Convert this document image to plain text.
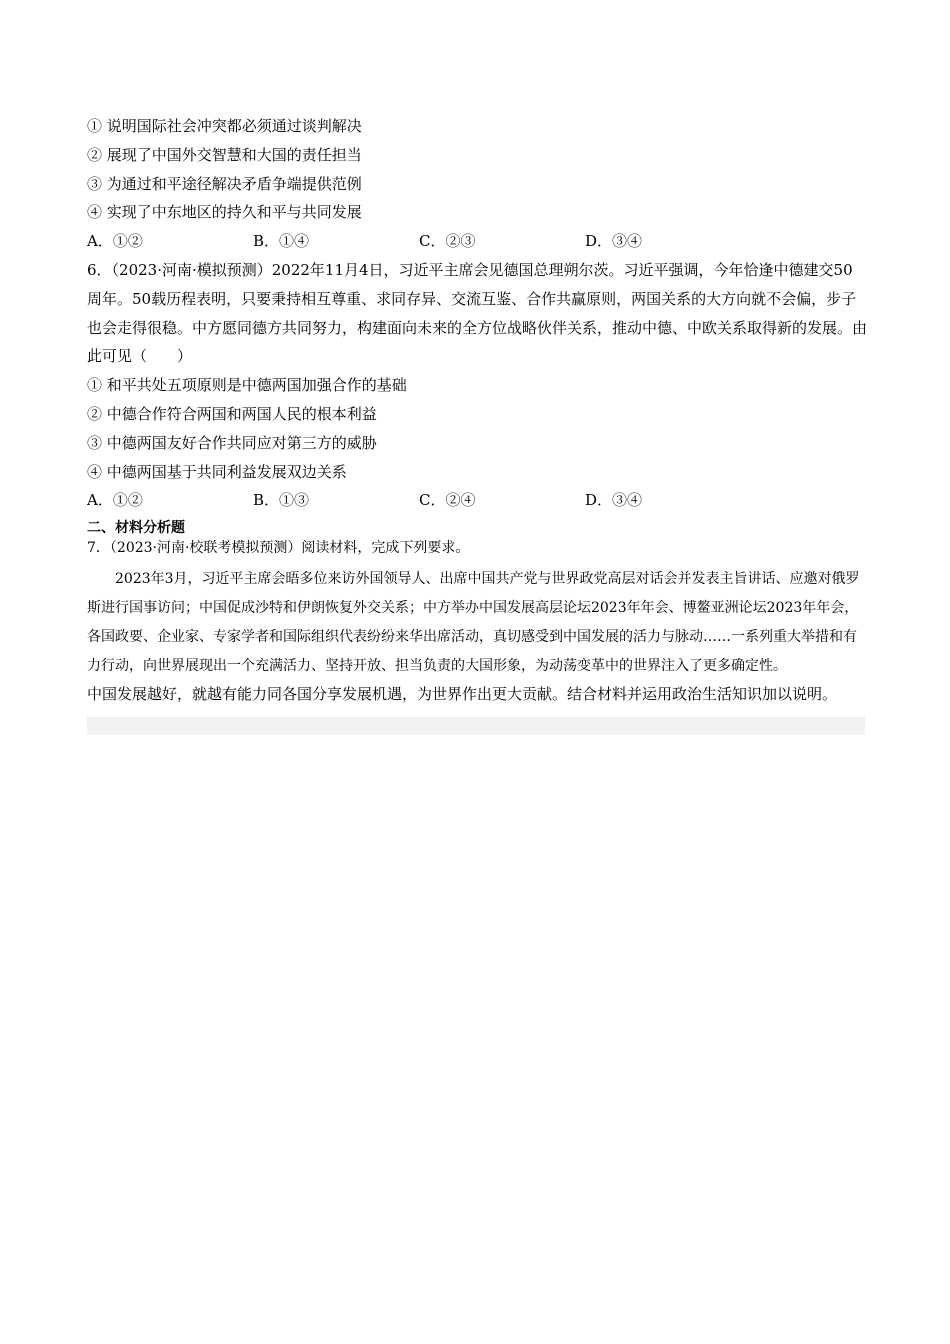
① 说明国际社会冲突都必须通过谈判解决
② 展现了中国外交智慧和大国的责任担当
③ 为通过和平途径解决矛盾争端提供范例
④ 实现了中东地区的持久和平与共同发展
A．①②	B．①④	C．②③	D．③④
6．（2023·河南·模拟预测）2022年11月4日，习近平主席会见德国总理朔尔茨。习近平强调，今年恰逢中德建交50周年。50载历程表明，只要秉持相互尊重、求同存异、交流互鉴、合作共赢原则，两国关系的大方向就不会偏，步子也会走得很稳。中方愿同德方共同努力，构建面向未来的全方位战略伙伴关系，推动中德、中欧关系取得新的发展。由此可见（　　）
① 和平共处五项原则是中德两国加强合作的基础
② 中德合作符合两国和两国人民的根本利益
③ 中德两国友好合作共同应对第三方的威胁
④ 中德两国基于共同利益发展双边关系
A．①②	B．①③	C．②④	D．③④
二、材料分析题
7．（2023·河南·校联考模拟预测）阅读材料，完成下列要求。
2023年3月，习近平主席会晤多位来访外国领导人、出席中国共产党与世界政党高层对话会并发表主旨讲话、应邀对俄罗斯进行国事访问；中国促成沙特和伊朗恢复外交关系；中方举办中国发展高层论坛2023年年会、博鳌亚洲论坛2023年年会，各国政要、企业家、专家学者和国际组织代表纷纷来华出席活动，真切感受到中国发展的活力与脉动……一系列重大举措和有力行动，向世界展现出一个充满活力、坚持开放、担当负责的大国形象，为动荡变革中的世界注入了更多确定性。
中国发展越好，就越有能力同各国分享发展机遇，为世界作出更大贡献。结合材料并运用政治生活知识加以说明。
